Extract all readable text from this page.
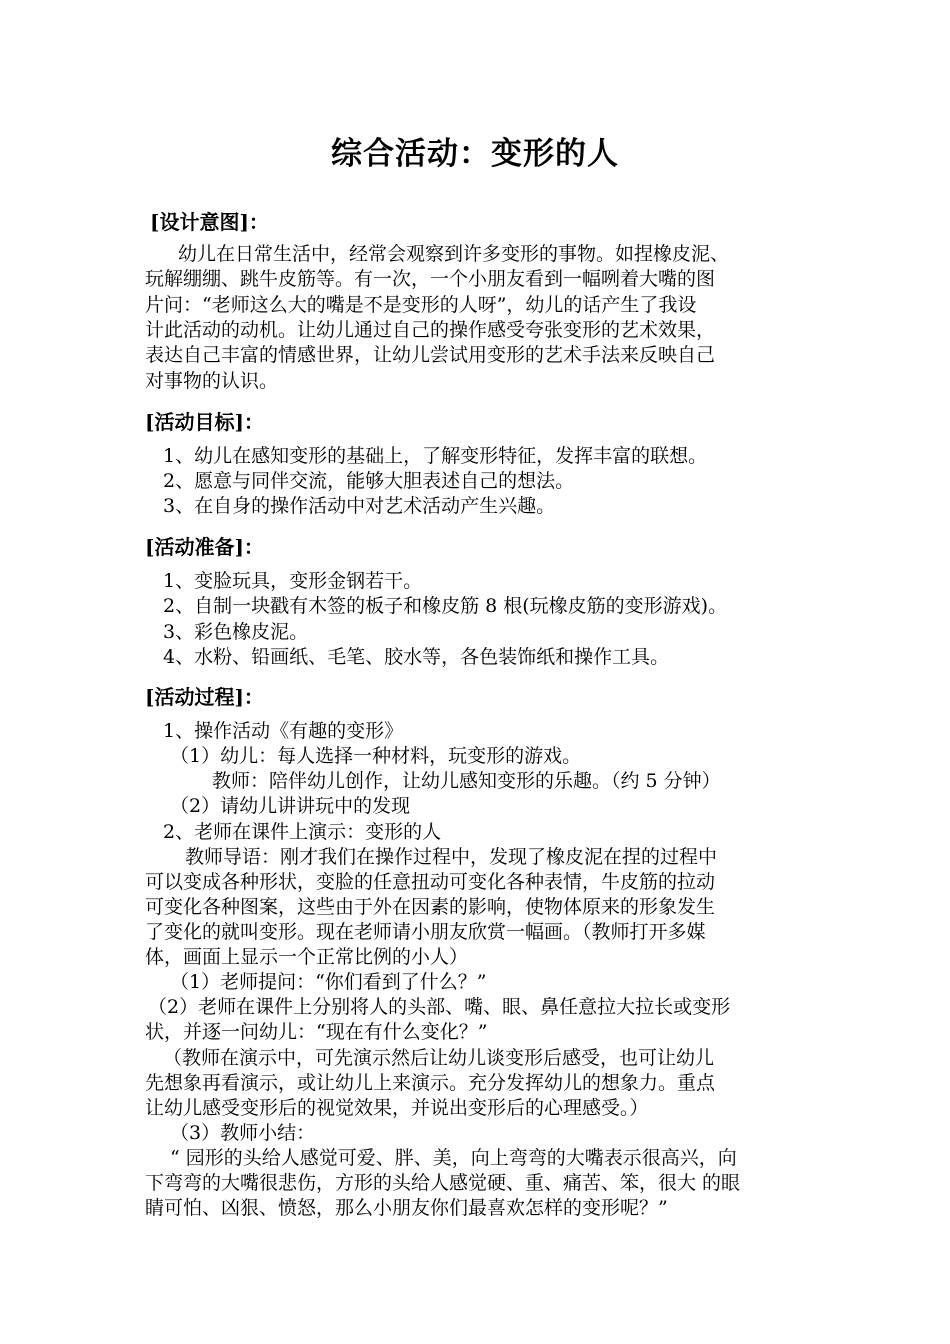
综合活动：变形的人
[设计意图]：
幼儿在日常生活中，经常会观察到许多变形的事物。如捏橡皮泥、
玩解绷绷、跳牛皮筋等。有一次，一个小朋友看到一幅咧着大嘴的图
片问：“老师这么大的嘴是不是变形的人呀”，幼儿的话产生了我设
计此活动的动机。让幼儿通过自己的操作感受夸张变形的艺术效果，
表达自己丰富的情感世界，让幼儿尝试用变形的艺术手法来反映自己
对事物的认识。
[活动目标]：
1、幼儿在感知变形的基础上，了解变形特征，发挥丰富的联想。
2、愿意与同伴交流，能够大胆表述自己的想法。
3、在自身的操作活动中对艺术活动产生兴趣。
[活动准备]：
1、变脸玩具，变形金钢若干。
2、自制一块戳有木签的板子和橡皮筋 8 根(玩橡皮筋的变形游戏)。
3、彩色橡皮泥。
4、水粉、铅画纸、毛笔、胶水等，各色装饰纸和操作工具。
[活动过程]：
1、操作活动《有趣的变形》
（1）幼儿：每人选择一种材料，玩变形的游戏。
教师：陪伴幼儿创作，让幼儿感知变形的乐趣。（约 5 分钟）
（2）请幼儿讲讲玩中的发现
2、老师在课件上演示：变形的人
教师导语：刚才我们在操作过程中，发现了橡皮泥在捏的过程中
可以变成各种形状，变脸的任意扭动可变化各种表情，牛皮筋的拉动
可变化各种图案，这些由于外在因素的影响，使物体原来的形象发生
了变化的就叫变形。现在老师请小朋友欣赏一幅画。（教师打开多媒
体，画面上显示一个正常比例的小人）
（1）老师提问：“你们看到了什么？”
（2）老师在课件上分别将人的头部、嘴、眼、鼻任意拉大拉长或变形
状，并逐一问幼儿：“现在有什么变化？”
（教师在演示中，可先演示然后让幼儿谈变形后感受，也可让幼儿
先想象再看演示，或让幼儿上来演示。充分发挥幼儿的想象力。重点
让幼儿感受变形后的视觉效果，并说出变形后的心理感受。）
（3）教师小结：
“ 园形的头给人感觉可爱、胖、美，向上弯弯的大嘴表示很高兴，向
下弯弯的大嘴很悲伤，方形的头给人感觉硬、重、痛苦、笨，很大 的眼
睛可怕、凶狠、愤怒，那么小朋友你们最喜欢怎样的变形呢？”
